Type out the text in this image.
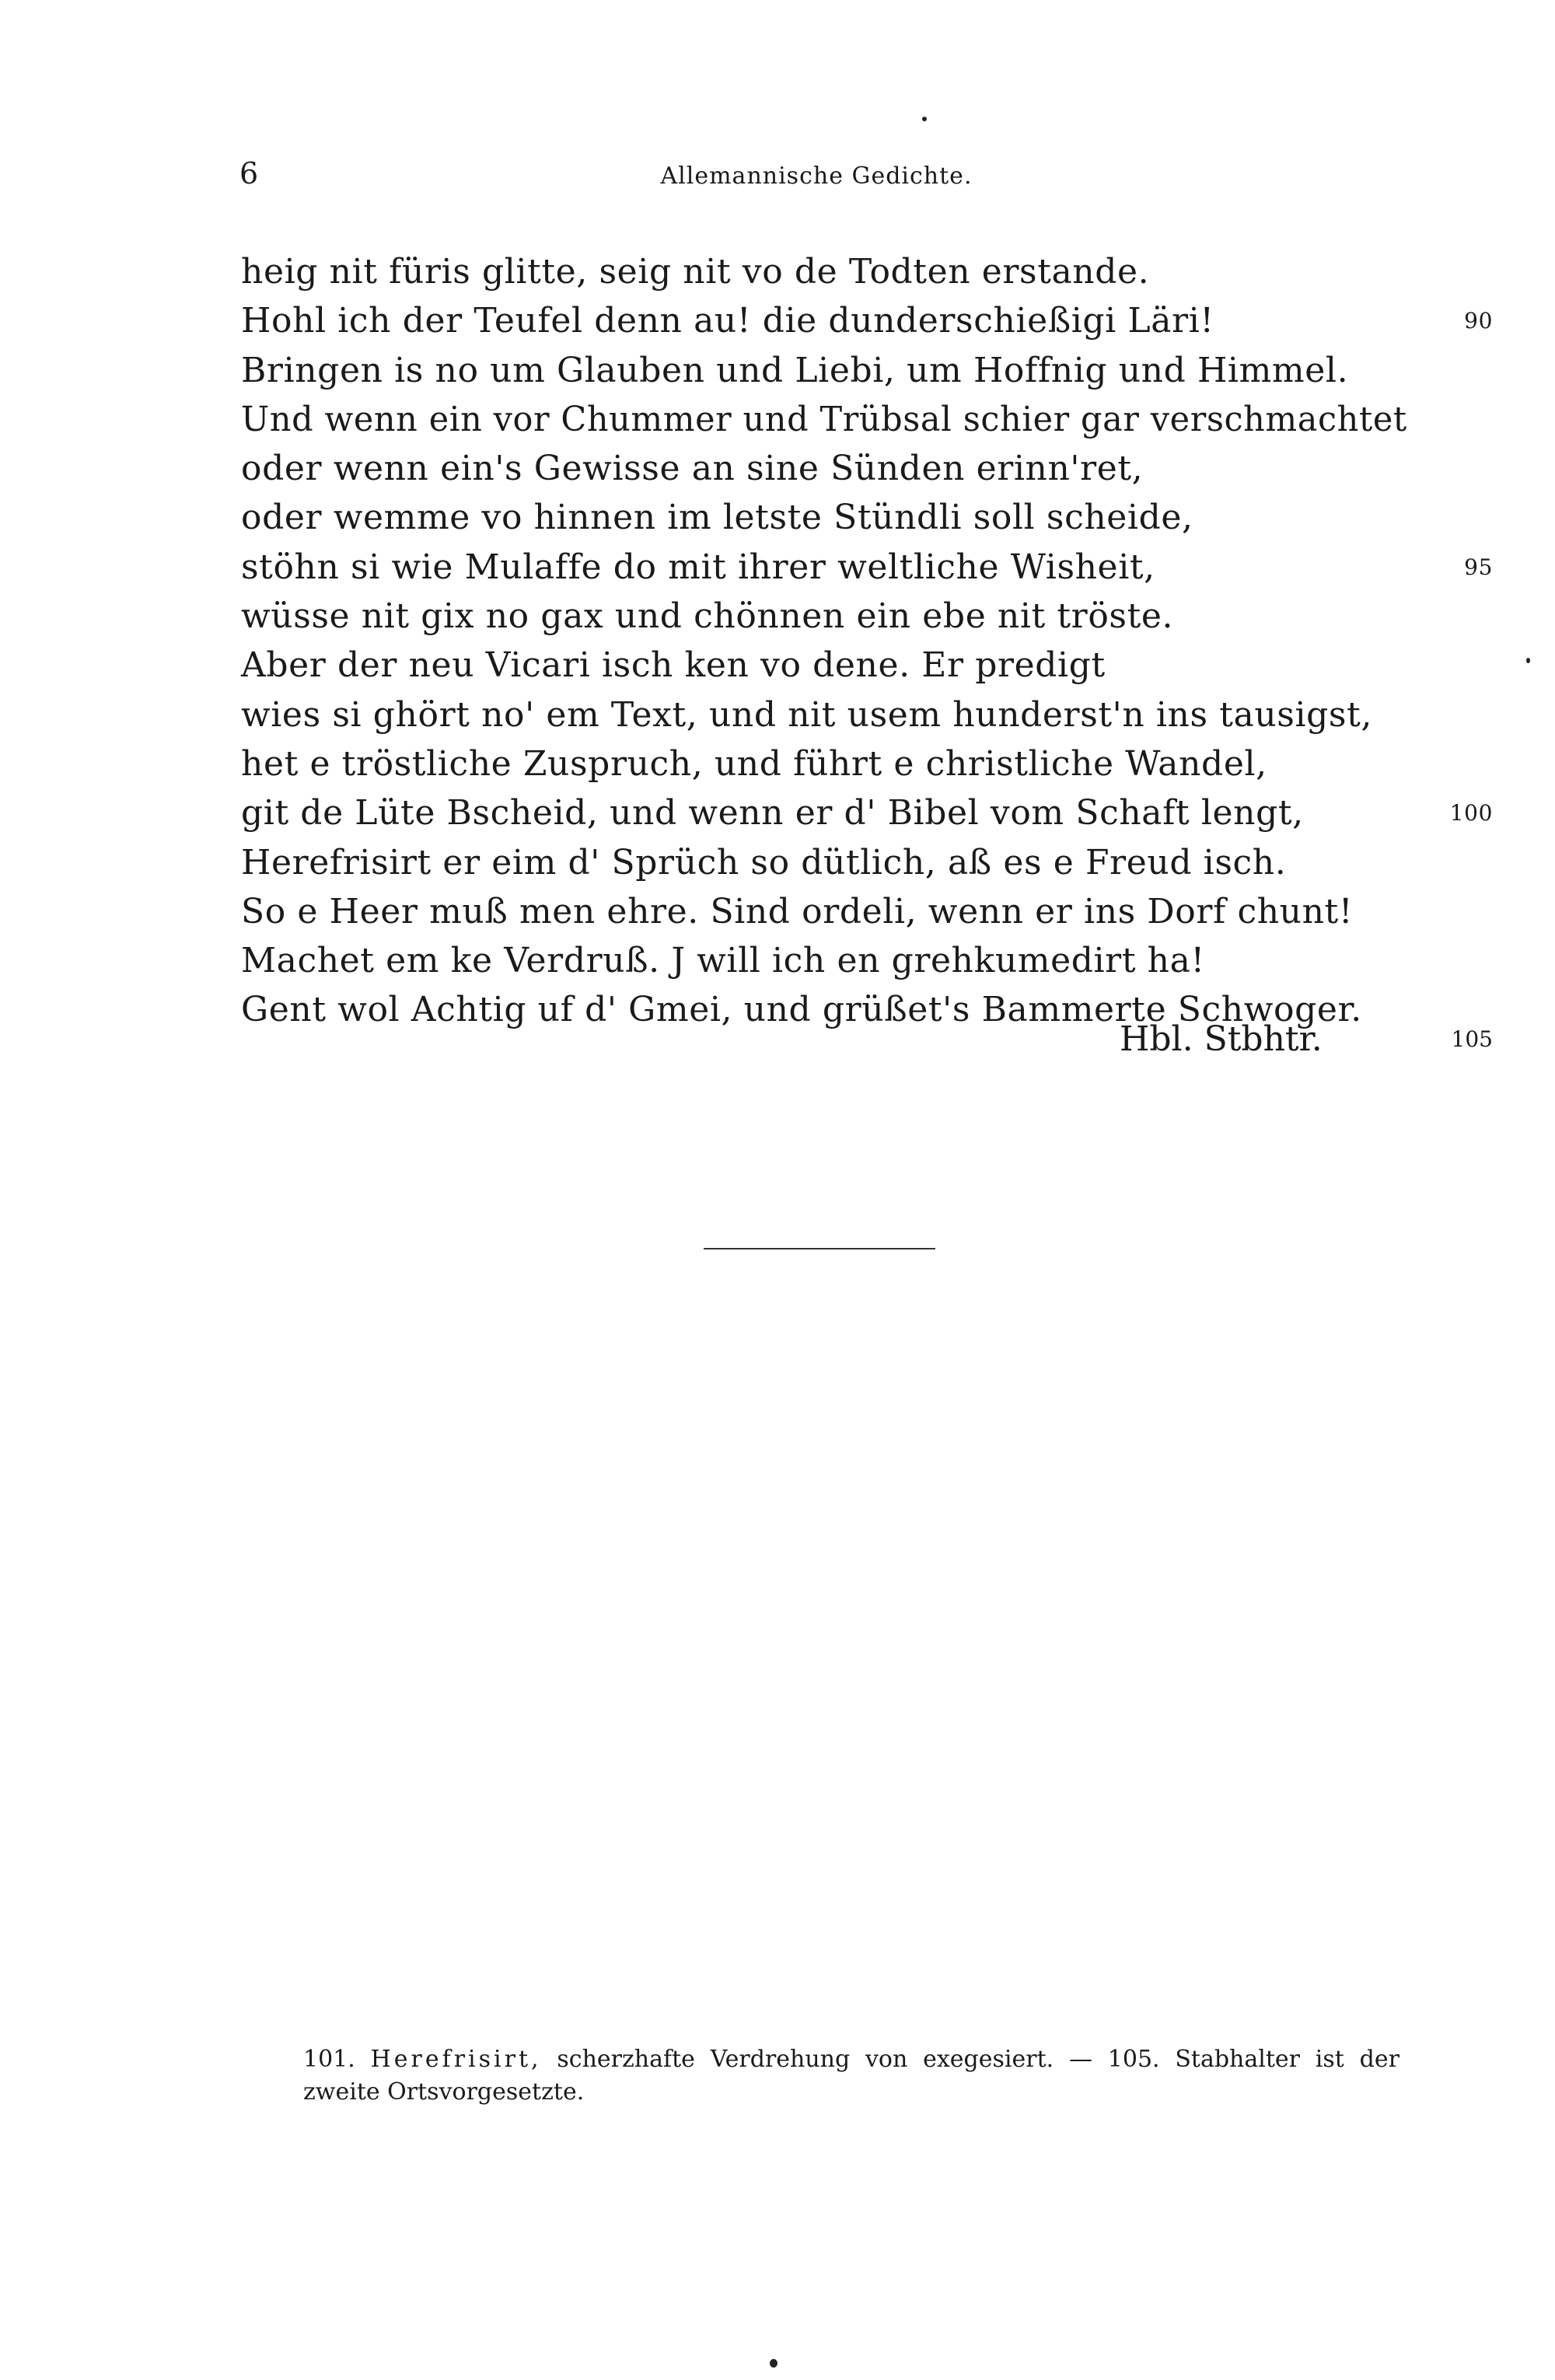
6	Allemannische Gedichte.
heig nit füris glitte, seig nit vo de Todten erstande.
Hohl ich der Teufel denn au! die dunderschießigi Läri!	90
Bringen is no um Glauben und Liebi, um Hoffnig und Himmel.
Und wenn ein vor Chummer und Trübsal schier gar verschmachtet
oder wenn ein's Gewisse an sine Sünden erinn'ret,
oder wemme vo hinnen im letste Stündli soll scheide,
stöhn si wie Mulaffe do mit ihrer weltliche Wisheit,	95
wüsse nit gix no gax und chönnen ein ebe nit tröste.
Aber der neu Vicari isch ken vo dene. Er predigt
wies si ghört no' em Text, und nit usem hunderst'n ins tausigst,
het e tröstliche Zuspruch, und führt e christliche Wandel,
git de Lüte Bscheid, und wenn er d' Bibel vom Schaft lengt,	100
Herefrisirt er eim d' Sprüch so dütlich, aß es e Freud isch.
So e Heer muß men ehre. Sind ordeli, wenn er ins Dorf chunt!
Machet em ke Verdruß. J will ich en grehkumedirt ha!
Gent wol Achtig uf d' Gmei, und grüßet's Bammerte Schwoger.
Hbl. Stbhtr.	105
101. Herefrisirt, scherzhafte Verdrehung von exegesiert. — 105. Stabhalter ist der zweite Ortsvorgesetzte.
